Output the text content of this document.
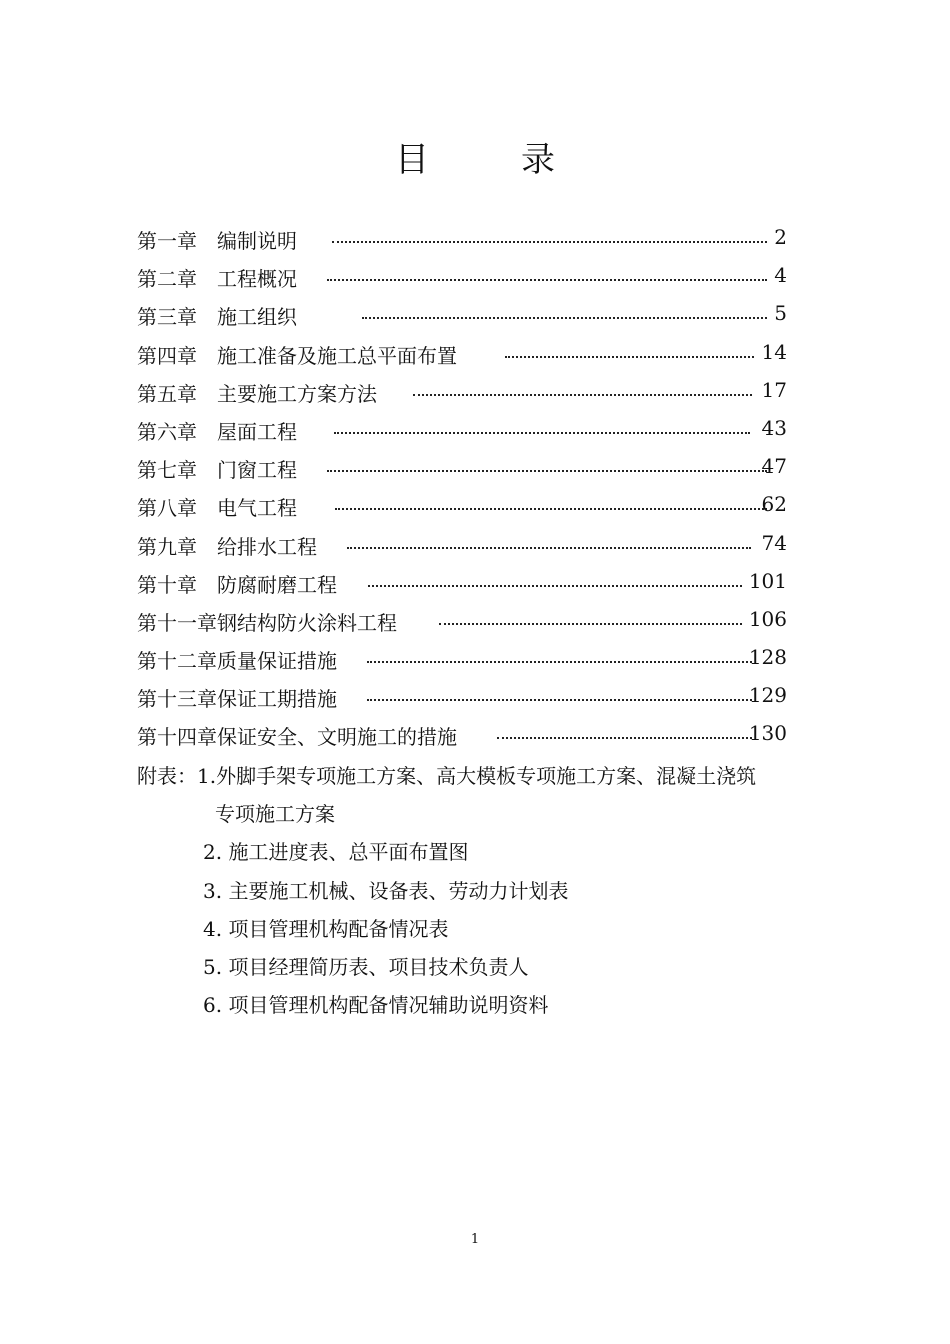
目	录
第一章　编制说明	2
第二章　工程概况	4
第三章　施工组织	5
第四章　施工准备及施工总平面布置	14
第五章　主要施工方案方法	17
第六章　屋面工程	43
第七章　门窗工程	47
第八章　电气工程	62
第九章　给排水工程	74
第十章　防腐耐磨工程	101
第十一章钢结构防火涂料工程	106
第十二章质量保证措施	128
第十三章保证工期措施	129
第十四章保证安全、文明施工的措施	130
附表：1.外脚手架专项施工方案、高大模板专项施工方案、混凝土浇筑
专项施工方案
2. 施工进度表、总平面布置图
3. 主要施工机械、设备表、劳动力计划表
4. 项目管理机构配备情况表
5. 项目经理简历表、项目技术负责人
6. 项目管理机构配备情况辅助说明资料
1
